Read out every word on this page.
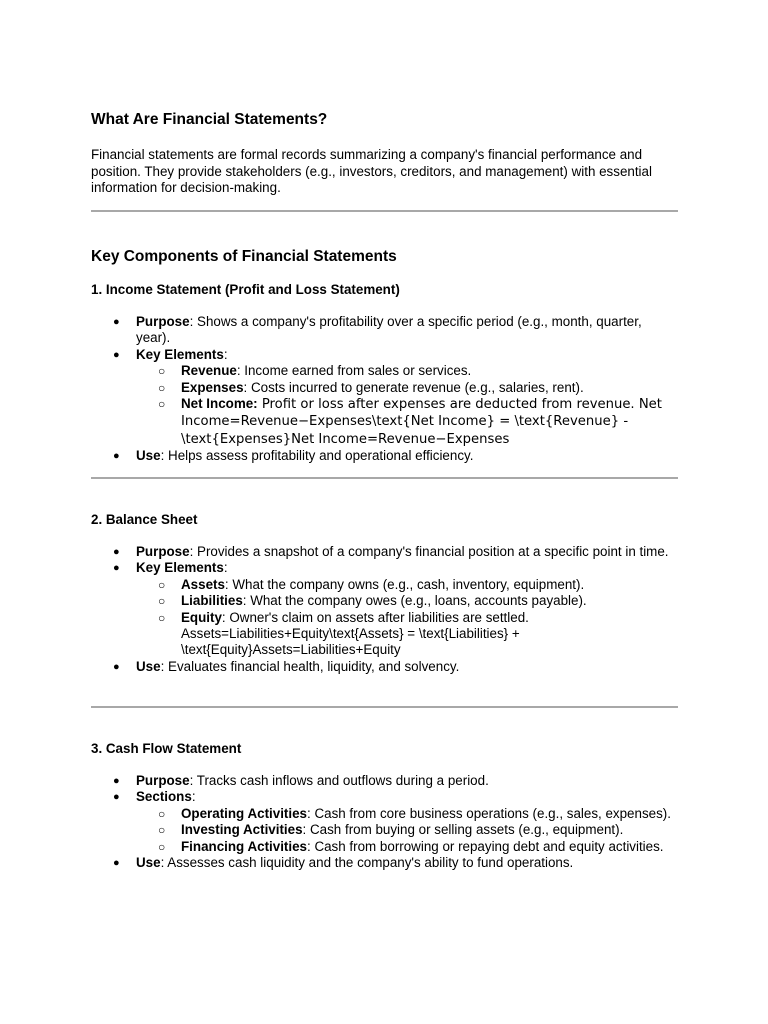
What Are Financial Statements?
Financial statements are formal records summarizing a company's financial performance and position. They provide stakeholders (e.g., investors, creditors, and management) with essential information for decision-making.
Key Components of Financial Statements
1. Income Statement (Profit and Loss Statement)
● Purpose: Shows a company's profitability over a specific period (e.g., month, quarter, year).
● Key Elements:
○ Revenue: Income earned from sales or services.
○ Expenses: Costs incurred to generate revenue (e.g., salaries, rent).
○ Net Income: Profit or loss after expenses are deducted from revenue. Net Income=Revenue−Expenses\text{Net Income} = \text{Revenue} - \text{Expenses}Net Income=Revenue−Expenses
● Use: Helps assess profitability and operational efficiency.
2. Balance Sheet
● Purpose: Provides a snapshot of a company's financial position at a specific point in time.
● Key Elements:
○ Assets: What the company owns (e.g., cash, inventory, equipment).
○ Liabilities: What the company owes (e.g., loans, accounts payable).
○ Equity: Owner's claim on assets after liabilities are settled. Assets=Liabilities+Equity\text{Assets} = \text{Liabilities} + \text{Equity}Assets=Liabilities+Equity
● Use: Evaluates financial health, liquidity, and solvency.
3. Cash Flow Statement
● Purpose: Tracks cash inflows and outflows during a period.
● Sections:
○ Operating Activities: Cash from core business operations (e.g., sales, expenses).
○ Investing Activities: Cash from buying or selling assets (e.g., equipment).
○ Financing Activities: Cash from borrowing or repaying debt and equity activities.
● Use: Assesses cash liquidity and the company's ability to fund operations.
